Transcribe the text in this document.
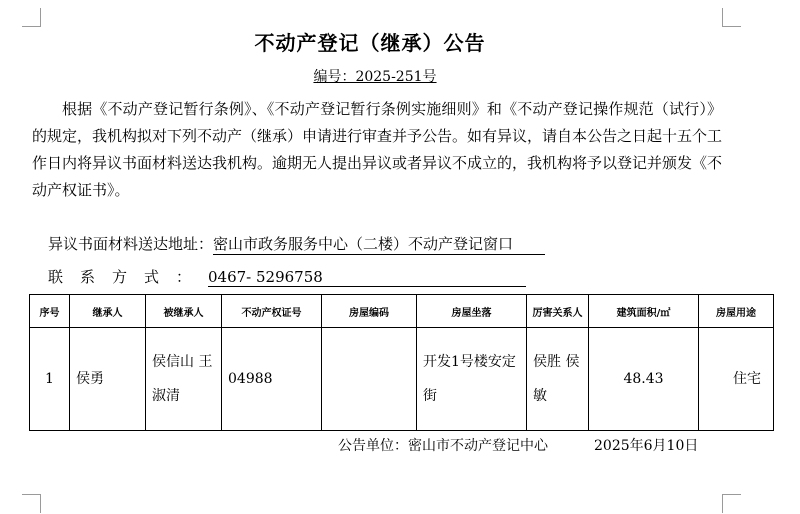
不动产登记（继承）公告
编号：2025-251号

根据《不动产登记暂行条例》、《不动产登记暂行条例实施细则》和《不动产登记操作规范（试行）》的规定，我机构拟对下列不动产（继承）申请进行审查并予公告。如有异议，请自本公告之日起十五个工作日内将异议书面材料送达我机构。逾期无人提出异议或者异议不成立的，我机构将予以登记并颁发《不动产权证书》。

异议书面材料送达地址：密山市政务服务中心（二楼）不动产登记窗口
联系方式：0467- 5296758
序号	继承人	被继承人	不动产权证号	房屋编码	房屋坐落	厉害关系人	建筑面积/㎡	房屋用途
1	侯勇	侯信山 王淑清	04988		开发1号楼安定街	侯胜 侯敏	48.43	住宅
公告单位：密山市不动产登记中心	2025年6月10日
